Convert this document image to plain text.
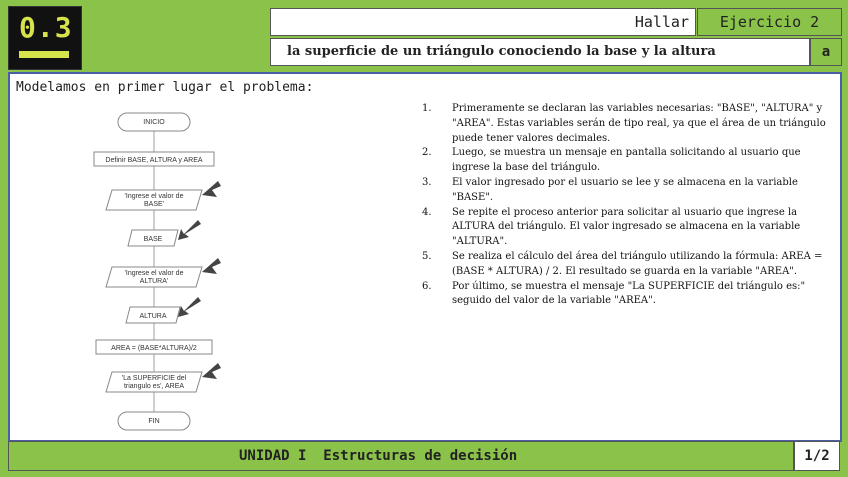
0.3	Hallar	Ejercicio 2
la superficie de un triángulo conociendo la base y la altura	a
Modelamos en primer lugar el problema:
INICIO
Definir BASE, ALTURA y AREA
'Ingrese el valor de
BASE'
BASE
'Ingrese el valor de
ALTURA'
ALTURA
AREA = (BASE*ALTURA)/2
'La SUPERFICIE del
triangulo es', AREA
FIN
1. Primeramente se declaran las variables necesarias: "BASE", "ALTURA" y "AREA". Estas variables serán de tipo real, ya que el área de un triángulo puede tener valores decimales.
2. Luego, se muestra un mensaje en pantalla solicitando al usuario que ingrese la base del triángulo.
3. El valor ingresado por el usuario se lee y se almacena en la variable "BASE".
4. Se repite el proceso anterior para solicitar al usuario que ingrese la ALTURA del triángulo. El valor ingresado se almacena en la variable "ALTURA".
5. Se realiza el cálculo del área del triángulo utilizando la fórmula: AREA = (BASE * ALTURA) / 2. El resultado se guarda en la variable "AREA".
6. Por último, se muestra el mensaje "La SUPERFICIE del triángulo es:" seguido del valor de la variable "AREA".
UNIDAD I  Estructuras de decisión	1/2
